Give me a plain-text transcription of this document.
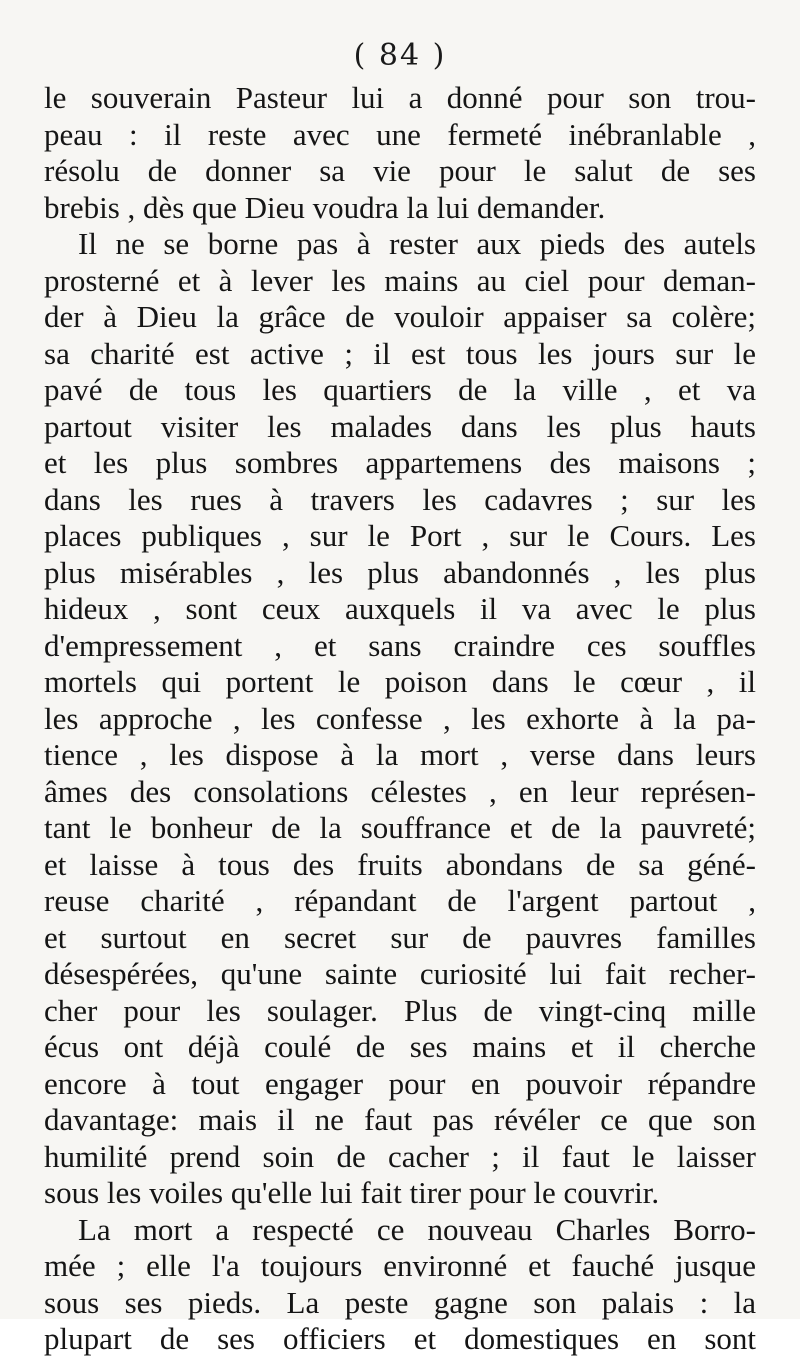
( 84 )
le souverain Pasteur lui a donné pour son trou-
peau : il reste avec une fermeté inébranlable ,
résolu de donner sa vie pour le salut de ses
brebis , dès que Dieu voudra la lui demander.
Il ne se borne pas à rester aux pieds des autels
prosterné et à lever les mains au ciel pour deman-
der à Dieu la grâce de vouloir appaiser sa colère;
sa charité est active ; il est tous les jours sur le
pavé de tous les quartiers de la ville , et va
partout visiter les malades dans les plus hauts
et les plus sombres appartemens des maisons ;
dans les rues à travers les cadavres ; sur les
places publiques , sur le Port , sur le Cours. Les
plus misérables , les plus abandonnés , les plus
hideux , sont ceux auxquels il va avec le plus
d'empressement , et sans craindre ces souffles
mortels qui portent le poison dans le cœur , il
les approche , les confesse , les exhorte à la pa-
tience , les dispose à la mort , verse dans leurs
âmes des consolations célestes , en leur représen-
tant le bonheur de la souffrance et de la pauvreté;
et laisse à tous des fruits abondans de sa géné-
reuse charité , répandant de l'argent partout ,
et surtout en secret sur de pauvres familles
désespérées, qu'une sainte curiosité lui fait recher-
cher pour les soulager. Plus de vingt-cinq mille
écus ont déjà coulé de ses mains et il cherche
encore à tout engager pour en pouvoir répandre
davantage: mais il ne faut pas révéler ce que son
humilité prend soin de cacher ; il faut le laisser
sous les voiles qu'elle lui fait tirer pour le couvrir.
La mort a respecté ce nouveau Charles Borro-
mée ; elle l'a toujours environné et fauché jusque
sous ses pieds. La peste gagne son palais : la
plupart de ses officiers et domestiques en sont
